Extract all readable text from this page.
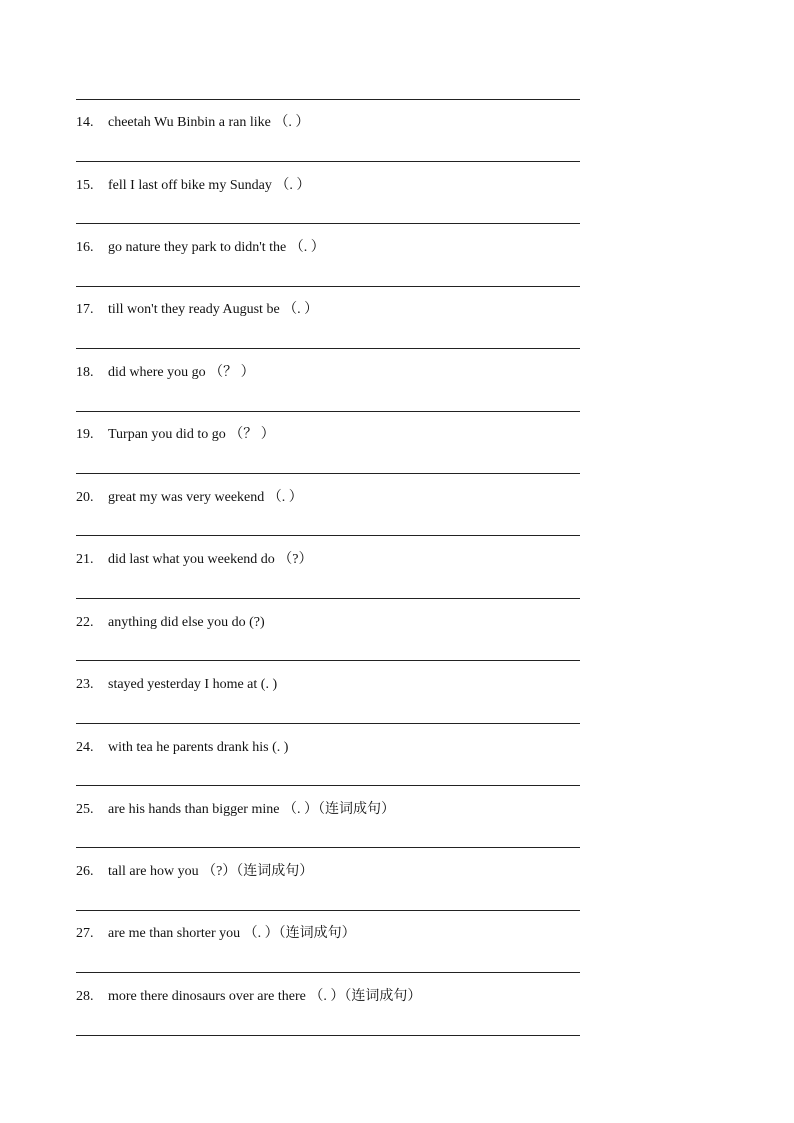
14. cheetah Wu Binbin a ran like （. ）
15. fell I last off bike my Sunday （. ）
16. go nature they park to didn't the （. ）
17. till won't they ready August be （. ）
18. did where you go （？ ）
19. Turpan you did to go （？ ）
20. great my was very weekend （. ）
21. did last what you weekend do （?）
22. anything did else you do (?)
23. stayed yesterday I home at (. )
24. with tea he parents drank his (. )
25. are his hands than bigger mine （. ）（连词成句）
26. tall are how you （?）（连词成句）
27. are me than shorter you （. ）（连词成句）
28. more there dinosaurs over are there （. ）（连词成句）
